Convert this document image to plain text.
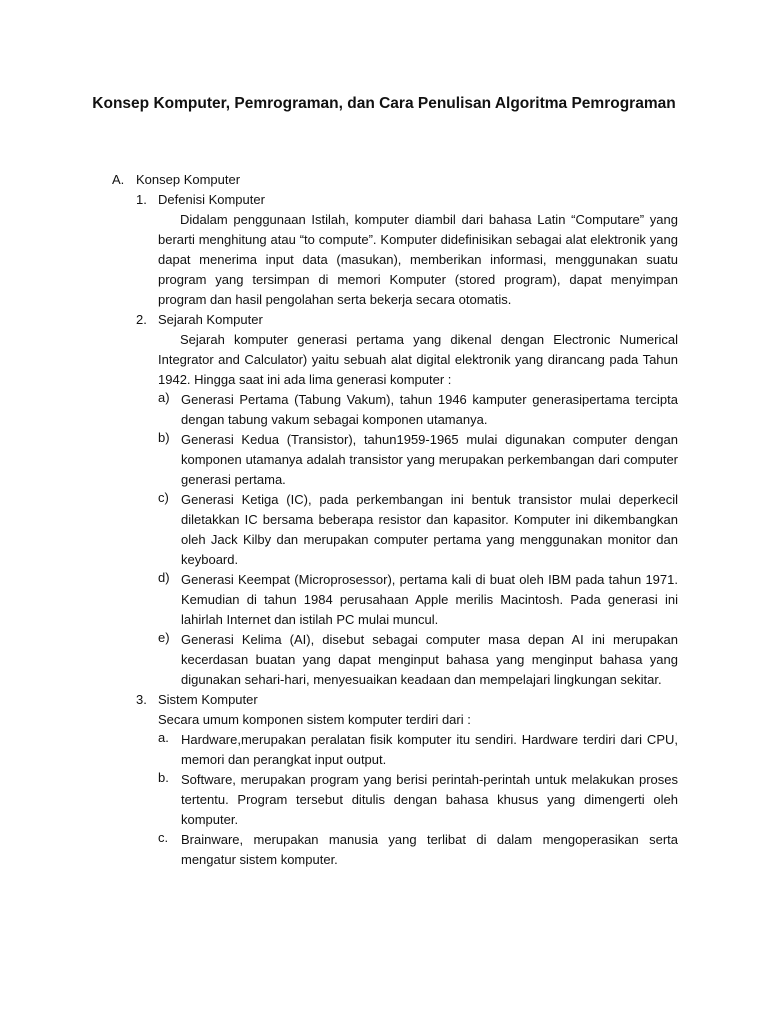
Konsep Komputer, Pemrograman, dan Cara Penulisan Algoritma Pemrograman
A. Konsep Komputer
1. Defenisi Komputer
Didalam penggunaan Istilah, komputer diambil dari bahasa Latin “Computare” yang berarti menghitung atau “to compute”. Komputer didefinisikan sebagai alat elektronik yang dapat menerima input data (masukan), memberikan informasi, menggunakan suatu program yang tersimpan di memori Komputer (stored program), dapat menyimpan program dan hasil pengolahan serta bekerja secara otomatis.
2. Sejarah Komputer
Sejarah komputer generasi pertama yang dikenal dengan Electronic Numerical Integrator and Calculator) yaitu sebuah alat digital elektronik yang dirancang pada Tahun 1942. Hingga saat ini ada lima generasi komputer :
a) Generasi Pertama (Tabung Vakum), tahun 1946 kamputer generasipertama tercipta dengan tabung vakum sebagai komponen utamanya.
b) Generasi Kedua (Transistor), tahun1959-1965 mulai digunakan computer dengan komponen utamanya adalah transistor yang merupakan perkembangan dari computer generasi pertama.
c) Generasi Ketiga (IC), pada perkembangan ini bentuk transistor mulai deperkecil diletakkan IC bersama beberapa resistor dan kapasitor. Komputer ini dikembangkan oleh Jack Kilby dan merupakan computer pertama yang menggunakan monitor dan keyboard.
d) Generasi Keempat (Microprosessor), pertama kali di buat oleh IBM pada tahun 1971. Kemudian di tahun 1984 perusahaan Apple merilis Macintosh. Pada generasi ini lahirlah Internet dan istilah PC mulai muncul.
e) Generasi Kelima (AI), disebut sebagai computer masa depan AI ini merupakan kecerdasan buatan yang dapat menginput bahasa yang menginput bahasa yang digunakan sehari-hari, menyesuaikan keadaan dan mempelajari lingkungan sekitar.
3. Sistem Komputer
Secara umum komponen sistem komputer terdiri dari :
a. Hardware,merupakan peralatan fisik komputer itu sendiri. Hardware terdiri dari CPU, memori dan perangkat input output.
b. Software, merupakan program yang berisi perintah-perintah untuk melakukan proses tertentu. Program tersebut ditulis dengan bahasa khusus yang dimengerti oleh komputer.
c. Brainware, merupakan manusia yang terlibat di dalam mengoperasikan serta mengatur sistem komputer.
